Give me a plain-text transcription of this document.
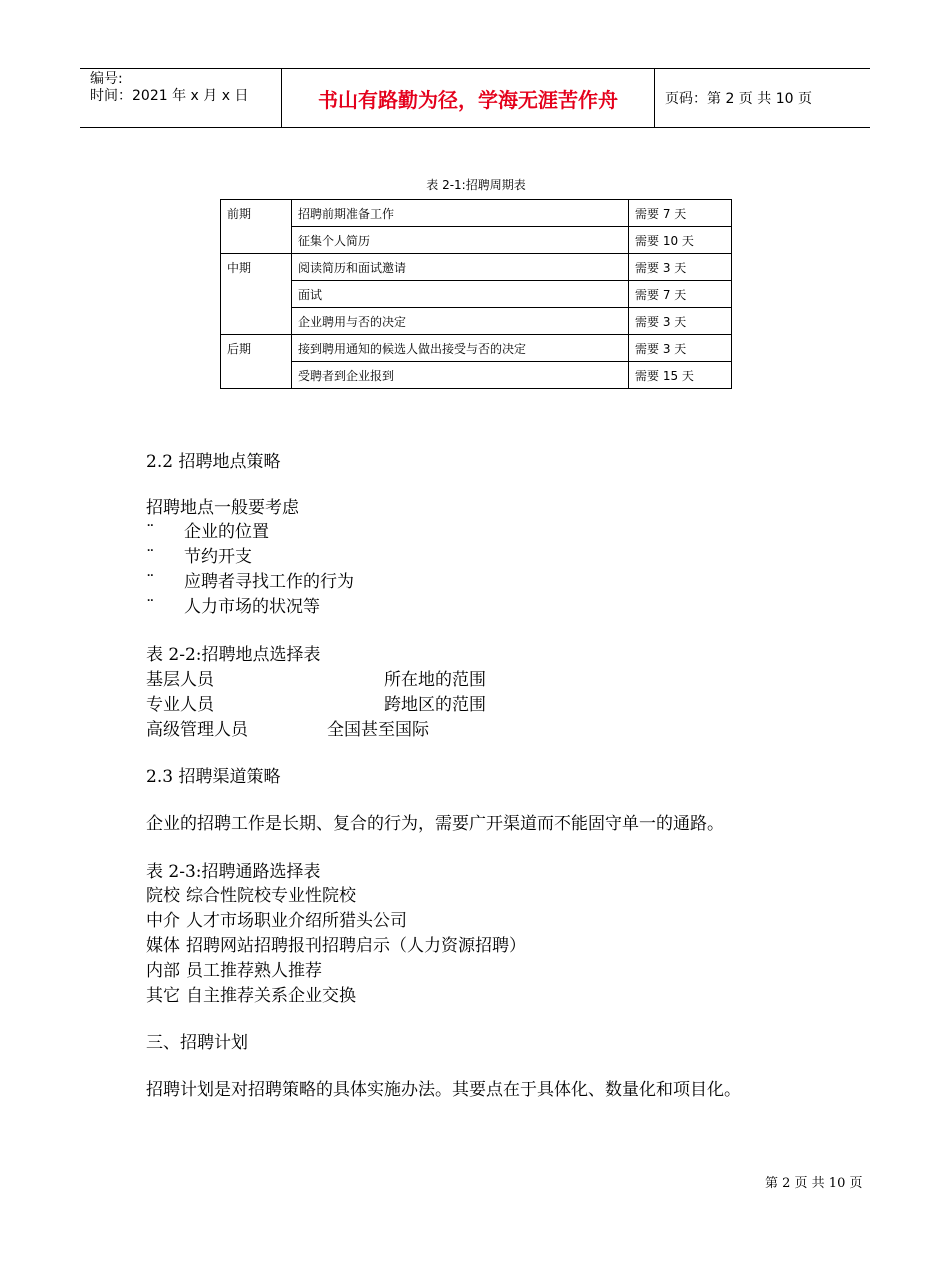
编号:
时间：2021 年 x 月 x 日	书山有路勤为径，学海无涯苦作舟	页码：第 2 页 共 10 页
表 2-1:招聘周期表
前期	招聘前期准备工作	需要 7 天
	征集个人简历	需要 10 天
中期	阅读简历和面试邀请	需要 3 天
	面试	需要 7 天
	企业聘用与否的决定	需要 3 天
后期	接到聘用通知的候选人做出接受与否的决定	需要 3 天
	受聘者到企业报到	需要 15 天
2.2 招聘地点策略
招聘地点一般要考虑
¨ 企业的位置
¨ 节约开支
¨ 应聘者寻找工作的行为
¨ 人力市场的状况等
表 2-2:招聘地点选择表
基层人员	所在地的范围
专业人员	跨地区的范围
高级管理人员	全国甚至国际
2.3 招聘渠道策略
企业的招聘工作是长期、复合的行为，需要广开渠道而不能固守单一的通路。
表 2-3:招聘通路选择表
院校 综合性院校专业性院校
中介 人才市场职业介绍所猎头公司
媒体 招聘网站招聘报刊招聘启示（人力资源招聘）
内部 员工推荐熟人推荐
其它 自主推荐关系企业交换
三、招聘计划
招聘计划是对招聘策略的具体实施办法。其要点在于具体化、数量化和项目化。
第 2 页 共 10 页
